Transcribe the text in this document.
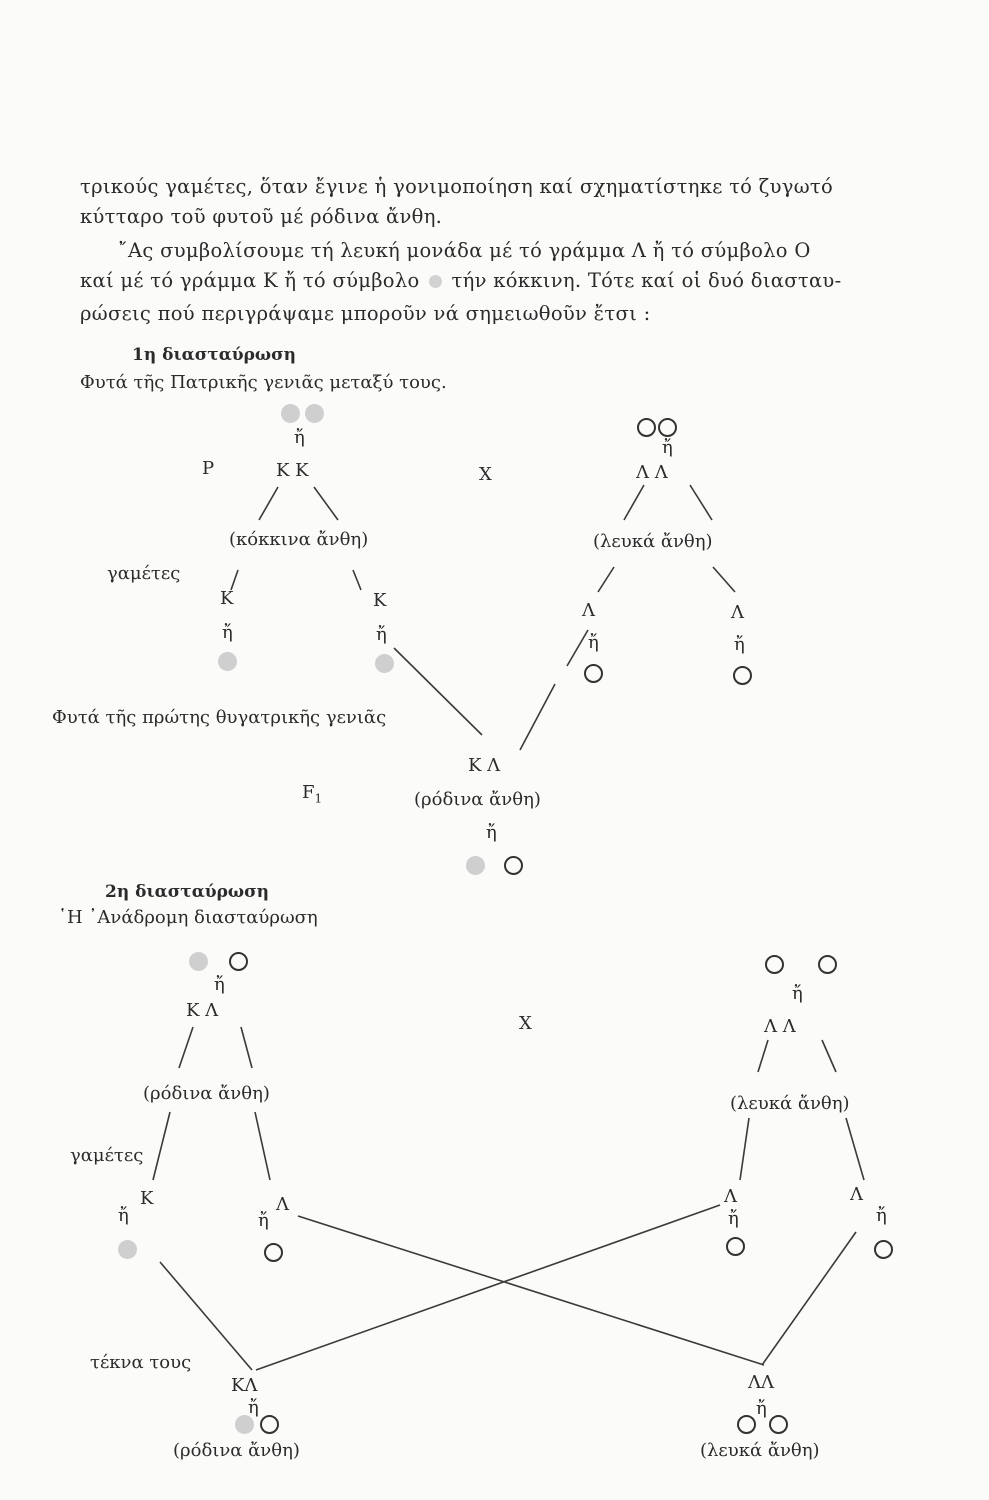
τρικούς γαμέτες, ὅταν ἔγινε ἡ γονιμοποίηση καί σχηματίστηκε τό ζυγωτό
κύτταρο τοῦ φυτοῦ μέ ρόδινα ἄνθη.
῎Ας συμβολίσουμε τή λευκή μονάδα μέ τό γράμμα Λ ἤ τό σύμβολο Ο
καί μέ τό γράμμα Κ ἤ τό σύμβολο τήν κόκκινη. Τότε καί οἱ δυό διασταυ-
ρώσεις πού περιγράψαμε μποροῦν νά σημειωθοῦν ἔτσι :
1η διασταύρωση
Φυτά τῆς Πατρικῆς γενιᾶς μεταξύ τους.
ἤ
Ρ	Κ Κ	Χ
ἤ
Λ Λ
(κόκκινα ἄνθη)	(λευκά ἄνθη)
γαμέτες
Κ
ἤ
Κ
ἤ
Λ
ἤ
Λ
ἤ
Φυτά τῆς πρώτης θυγατρικῆς γενιᾶς
Κ Λ
$F_1$	(ρόδινα ἄνθη)
ἤ
2η διασταύρωση
῾Η ᾿Ανάδρομη διασταύρωση
ἤ
Κ Λ
Χ
ἤ
Λ Λ
(ρόδινα ἄνθη)	(λευκά ἄνθη)
γαμέτες
Κ
ἤ
Λ
ἤ
Λ
ἤ
Λ
ἤ
τέκνα τους
ΚΛ
ἤ
(ρόδινα ἄνθη)
ΛΛ
ἤ
(λευκά ἄνθη)
